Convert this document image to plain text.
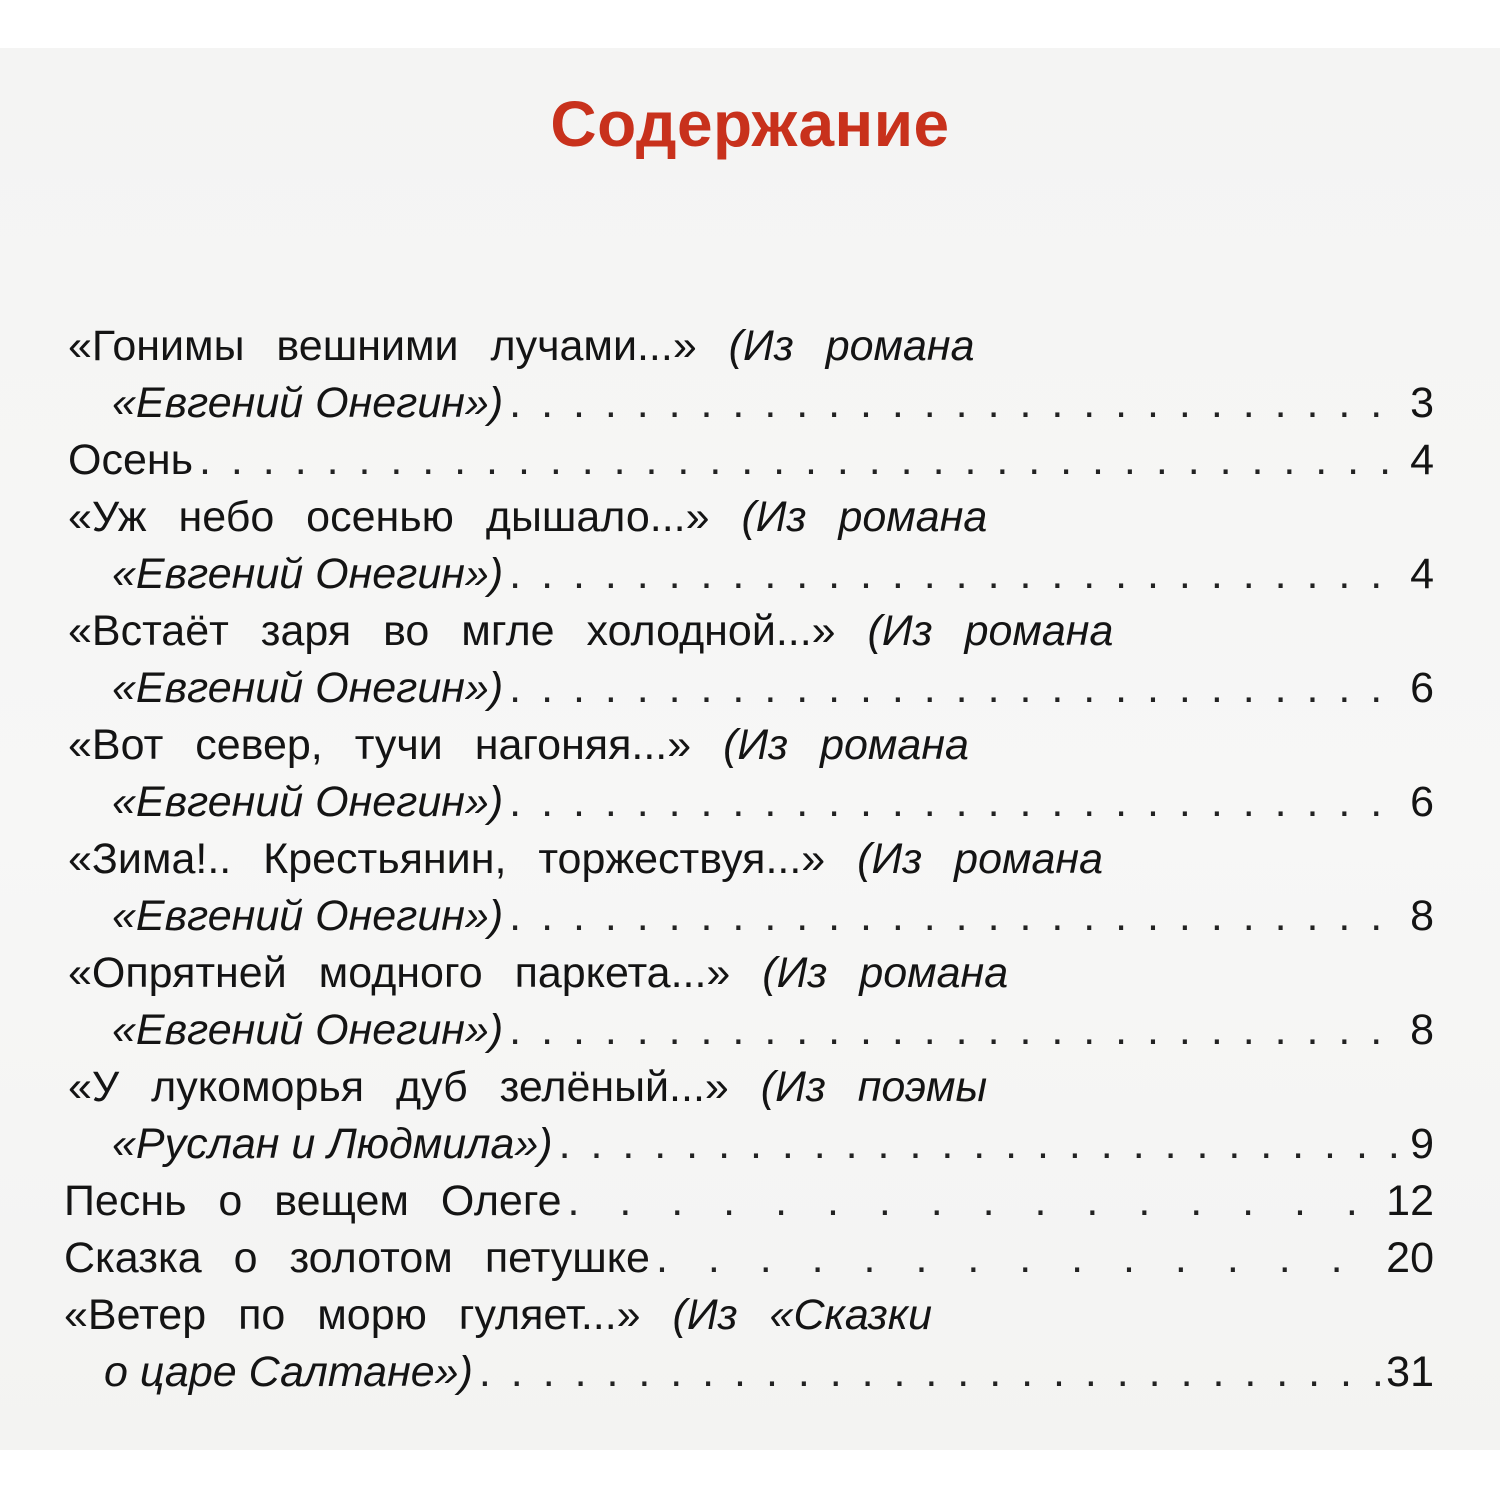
Содержание
«Гонимы вешними лучами...» (Из романа
«Евгений Онегин») . . .	3
Осень . . .	4
«Уж небо осенью дышало...» (Из романа
«Евгений Онегин») . . .	4
«Встаёт заря во мгле холодной...» (Из романа
«Евгений Онегин») . . .	6
«Вот север, тучи нагоняя...» (Из романа
«Евгений Онегин») . . .	6
«Зима!.. Крестьянин, торжествуя...» (Из романа
«Евгений Онегин») . . .	8
«Опрятней модного паркета...» (Из романа
«Евгений Онегин») . . .	8
«У лукоморья дуб зелёный...» (Из поэмы
«Руслан и Людмила») . . .	9
Песнь о вещем Олеге . . .	12
Сказка о золотом петушке . . .	20
«Ветер по морю гуляет...» (Из «Сказки
о царе Салтане») . . .	31
